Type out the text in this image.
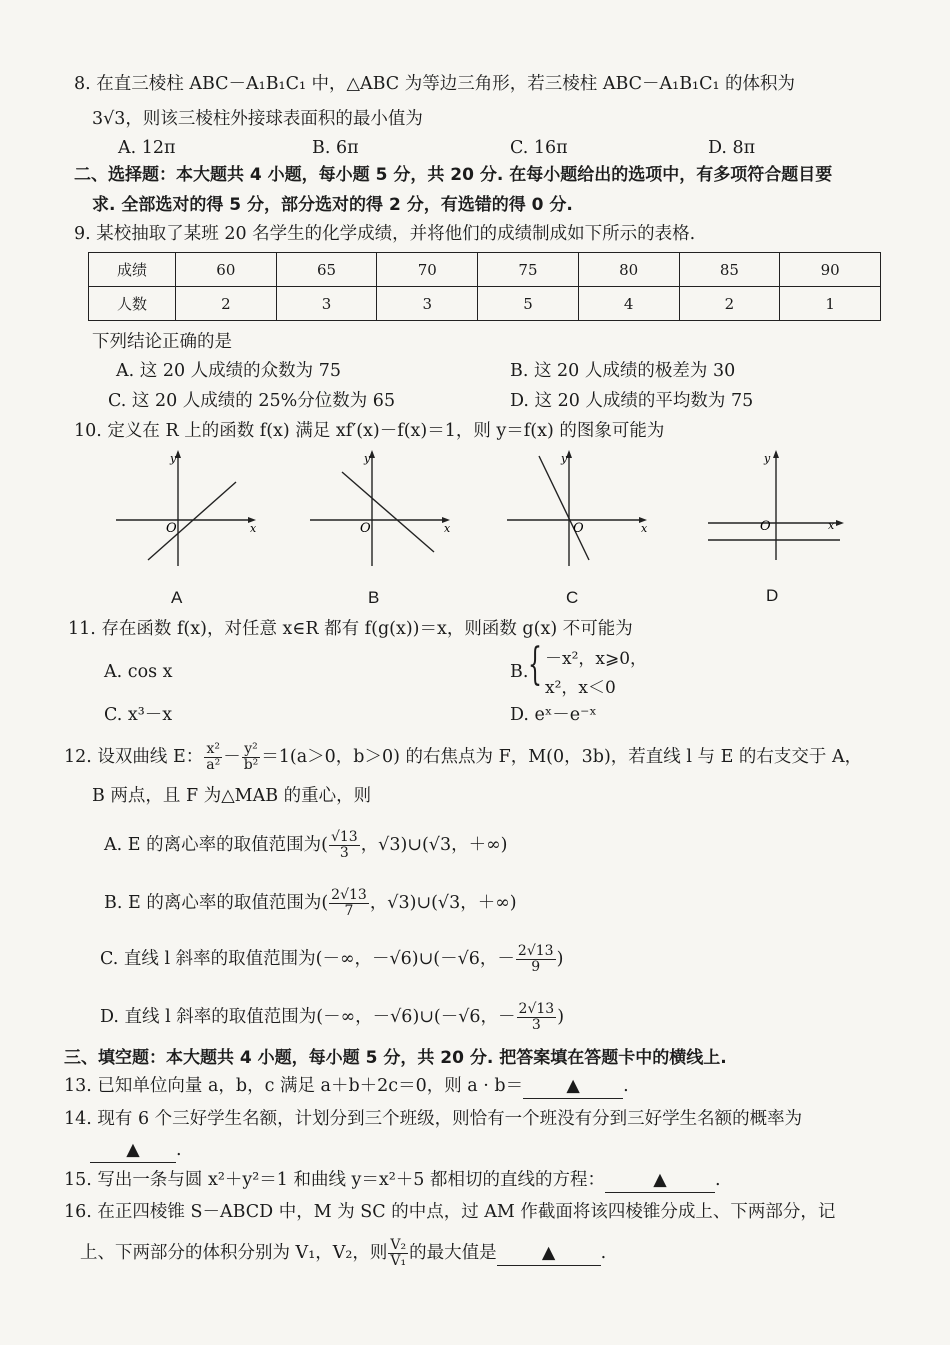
8. 在直三棱柱 ABC－A₁B₁C₁ 中，△ABC 为等边三角形，若三棱柱 ABC－A₁B₁C₁ 的体积为
3√3，则该三棱柱外接球表面积的最小值为
A. 12π	B. 6π	C. 16π	D. 8π
二、选择题：本大题共 4 小题，每小题 5 分，共 20 分. 在每小题给出的选项中，有多项符合题目要
求. 全部选对的得 5 分，部分选对的得 2 分，有选错的得 0 分.
9. 某校抽取了某班 20 名学生的化学成绩，并将他们的成绩制成如下所示的表格.
成绩	60	65	70	75	80	85	90
人数	2	3	3	5	4	2	1
下列结论正确的是
A. 这 20 人成绩的众数为 75	B. 这 20 人成绩的极差为 30
C. 这 20 人成绩的 25%分位数为 65	D. 这 20 人成绩的平均数为 75
10. 定义在 R 上的函数 f(x) 满足 xf′(x)－f(x)＝1，则 y＝f(x) 的图象可能为
y
x
O
A
y
x
O
B
y
x
O
C
y
x
O
D
11. 存在函数 f(x)，对任意 x∈R 都有 f(g(x))＝x，则函数 g(x) 不可能为
A. cos x	B. { －x²，x⩾0，
x²，x＜0
C. x³－x	D. eˣ－e⁻ˣ
12. 设双曲线 E： $\frac{\text{x²}}{\text{a²}} - \frac{\text{y²}}{\text{b²}} =1(a>0$，b＞0) 的右焦点为 F，M(0，3b)，若直线 l 与 E 的右支交于 A，
B 两点，且 F 为△MAB 的重心，则
A. E 的离心率的取值范围为( $\frac{√13}{3}$ ，√3)∪(√3，＋∞)
B. E 的离心率的取值范围为( $\frac{2√13}{7}$ ，√3)∪(√3，＋∞)
C. 直线 l 斜率的取值范围为(－∞，－√6)∪(－√6，－ $\frac{2√13}{9}$ )
D. 直线 l 斜率的取值范围为(－∞，－√6)∪(－√6，－ $\frac{2√13}{3}$ )
三、填空题：本大题共 4 小题，每小题 5 分，共 20 分. 把答案填在答题卡中的横线上.
13. 已知单位向量 a，b，c 满足 a＋b＋2c＝0，则 a · b＝ ▲ .
14. 现有 6 个三好学生名额，计划分到三个班级，则恰有一个班没有分到三好学生名额的概率为
▲ .
15. 写出一条与圆 x²＋y²＝1 和曲线 y＝x²＋5 都相切的直线的方程：	▲	.
16. 在正四棱锥 S－ABCD 中，M 为 SC 的中点，过 AM 作截面将该四棱锥分成上、下两部分，记
上、下两部分的体积分别为 V₁，V₂，则 $\frac{\text{V₂}}{\text{V₁}}$ 的最大值是	▲	.
